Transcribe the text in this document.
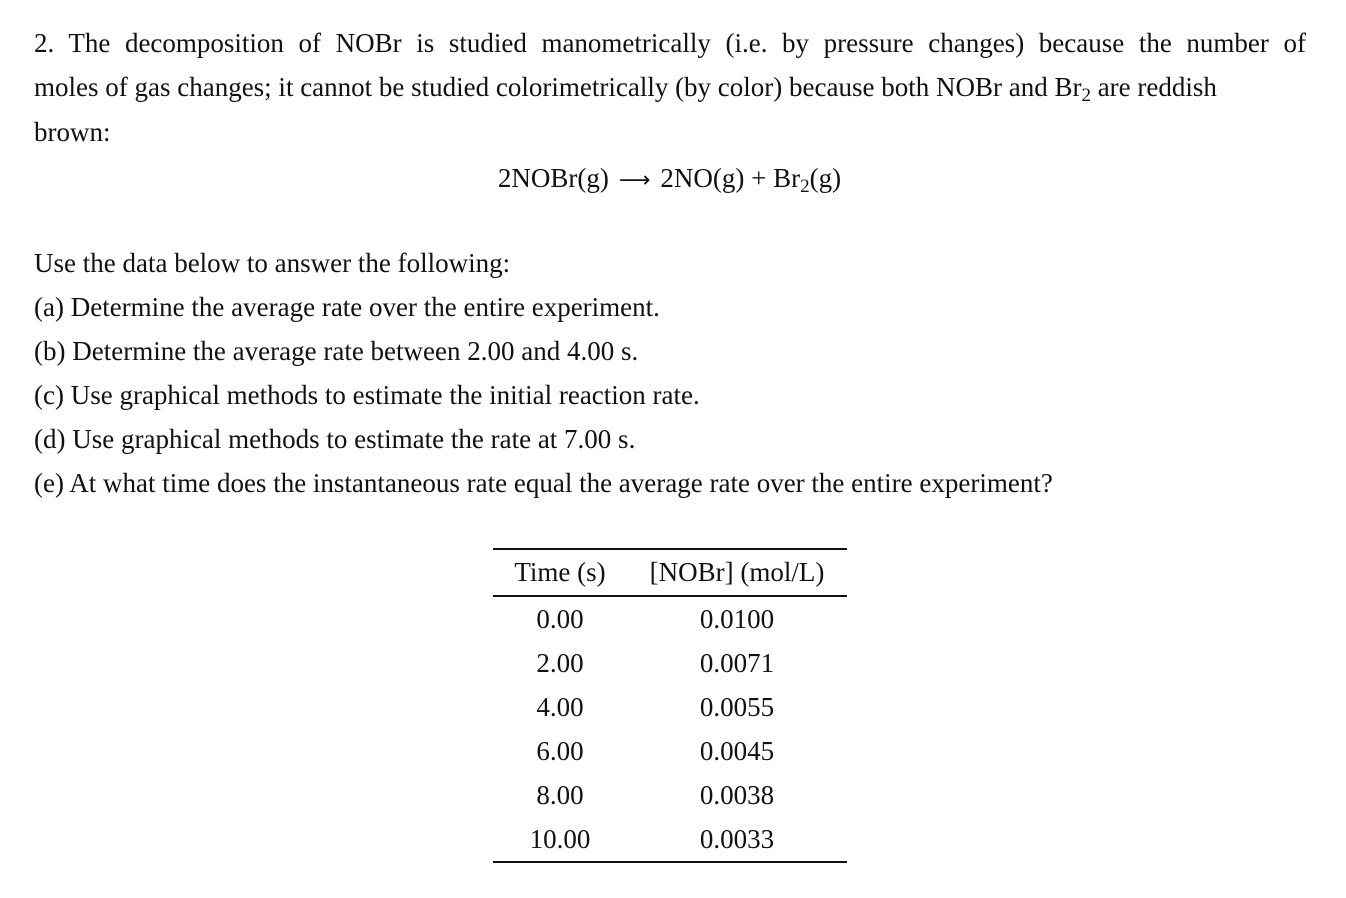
2. The decomposition of NOBr is studied manometrically (i.e. by pressure changes) because the number of
moles of gas changes; it cannot be studied colorimetrically (by color) because both NOBr and Br2 are reddish
brown:
2NOBr(g) ⟶ 2NO(g) + Br2(g)
Use the data below to answer the following:
(a) Determine the average rate over the entire experiment.
(b) Determine the average rate between 2.00 and 4.00 s.
(c) Use graphical methods to estimate the initial reaction rate.
(d) Use graphical methods to estimate the rate at 7.00 s.
(e) At what time does the instantaneous rate equal the average rate over the entire experiment?
Time (s)	[NOBr] (mol/L)
0.00	0.0100
2.00	0.0071
4.00	0.0055
6.00	0.0045
8.00	0.0038
10.00	0.0033
